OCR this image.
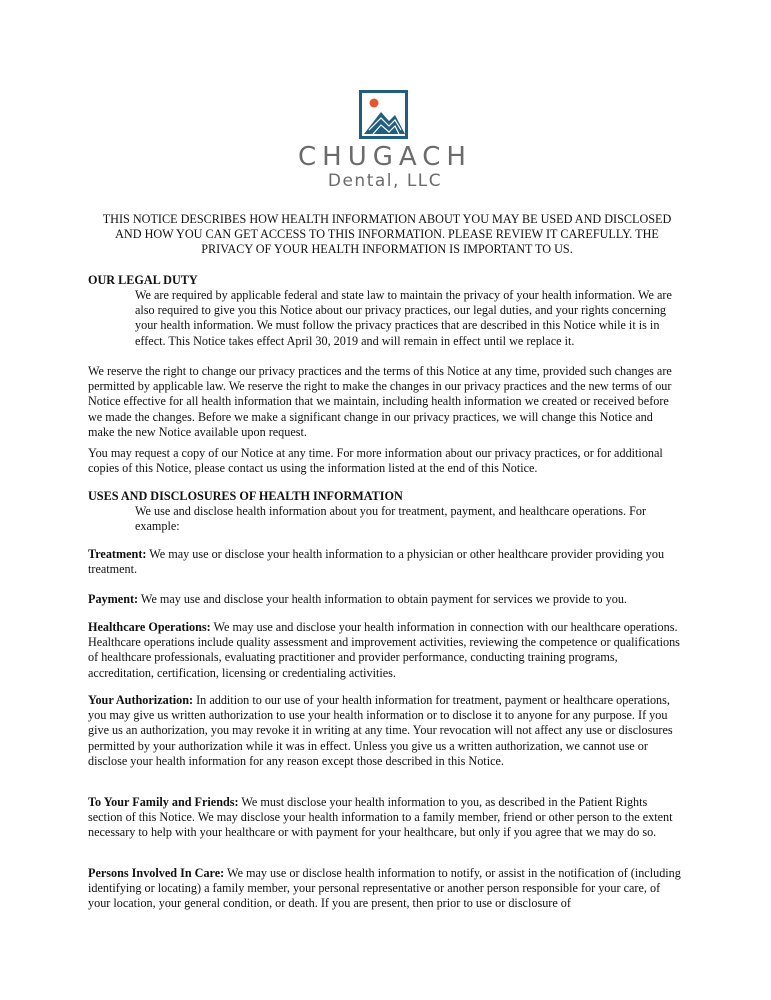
CHUGACH
Dental, LLC
THIS NOTICE DESCRIBES HOW HEALTH INFORMATION ABOUT YOU MAY BE USED AND DISCLOSED AND HOW YOU CAN GET ACCESS TO THIS INFORMATION. PLEASE REVIEW IT CAREFULLY. THE PRIVACY OF YOUR HEALTH INFORMATION IS IMPORTANT TO US.
OUR LEGAL DUTY
We are required by applicable federal and state law to maintain the privacy of your health information. We are also required to give you this Notice about our privacy practices, our legal duties, and your rights concerning your health information. We must follow the privacy practices that are described in this Notice while it is in effect. This Notice takes effect April 30, 2019 and will remain in effect until we replace it.
We reserve the right to change our privacy practices and the terms of this Notice at any time, provided such changes are permitted by applicable law. We reserve the right to make the changes in our privacy practices and the new terms of our Notice effective for all health information that we maintain, including health information we created or received before we made the changes. Before we make a significant change in our privacy practices, we will change this Notice and make the new Notice available upon request.
You may request a copy of our Notice at any time. For more information about our privacy practices, or for additional copies of this Notice, please contact us using the information listed at the end of this Notice.
USES AND DISCLOSURES OF HEALTH INFORMATION
We use and disclose health information about you for treatment, payment, and healthcare operations. For example:
Treatment: We may use or disclose your health information to a physician or other healthcare provider providing you treatment.
Payment: We may use and disclose your health information to obtain payment for services we provide to you.
Healthcare Operations: We may use and disclose your health information in connection with our healthcare operations. Healthcare operations include quality assessment and improvement activities, reviewing the competence or qualifications of healthcare professionals, evaluating practitioner and provider performance, conducting training programs, accreditation, certification, licensing or credentialing activities.
Your Authorization: In addition to our use of your health information for treatment, payment or healthcare operations, you may give us written authorization to use your health information or to disclose it to anyone for any purpose. If you give us an authorization, you may revoke it in writing at any time. Your revocation will not affect any use or disclosures permitted by your authorization while it was in effect. Unless you give us a written authorization, we cannot use or disclose your health information for any reason except those described in this Notice.
To Your Family and Friends: We must disclose your health information to you, as described in the Patient Rights section of this Notice. We may disclose your health information to a family member, friend or other person to the extent necessary to help with your healthcare or with payment for your healthcare, but only if you agree that we may do so.
Persons Involved In Care: We may use or disclose health information to notify, or assist in the notification of (including identifying or locating) a family member, your personal representative or another person responsible for your care, of your location, your general condition, or death. If you are present, then prior to use or disclosure of
